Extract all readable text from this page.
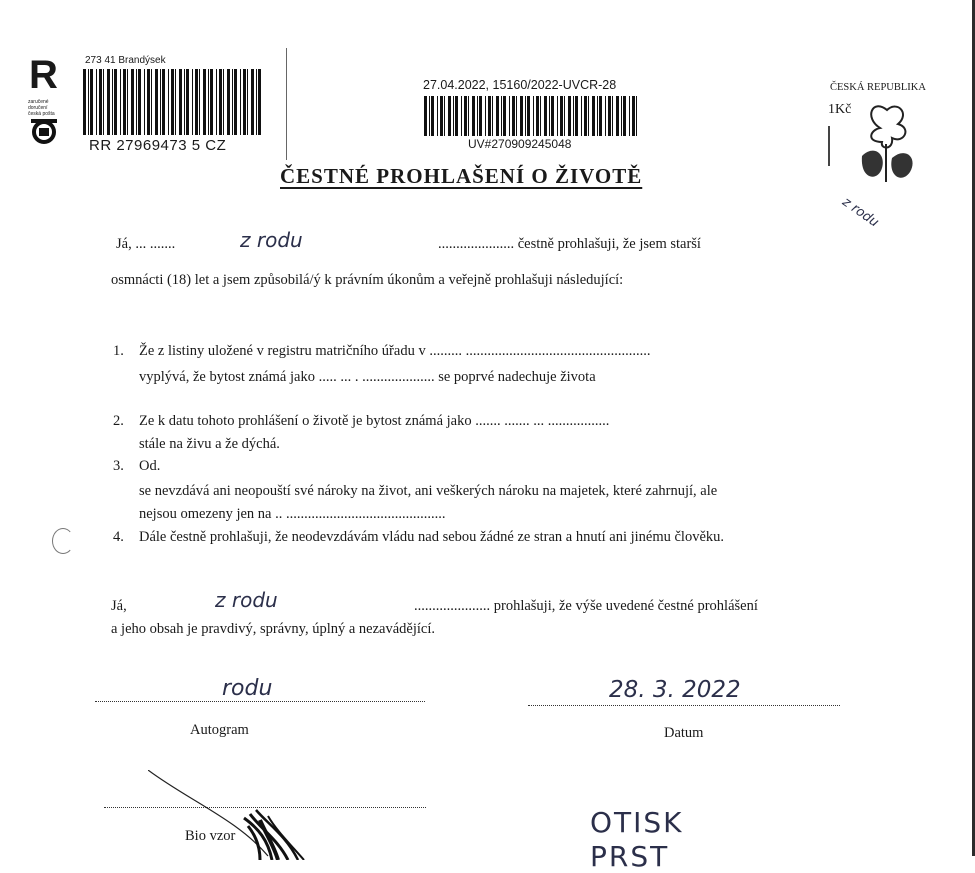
R
zaručené
doručení
česká pošta
273 41 Brandýsek
RR 27969473 5 CZ
27.04.2022, 15160/2022-UVCR-28
UV#270909245048
ČESKÁ REPUBLIKA
1Kč
z rodu
ČESTNÉ PROHLAŠENÍ O ŽIVOTĚ
Já, ... .......	z rodu	..................... čestně prohlašuji, že jsem starší
osmnácti (18) let a jsem způsobilá/ý k právním úkonům a veřejně prohlašuji následující:
1. Že z listiny uložené v registru matričního úřadu v ......... ...................................................
vyplývá, že bytost známá jako ..... ... . .................... se poprvé nadechuje života
2. Ze k datu tohoto prohlášení o životě je bytost známá jako ....... ....... ... .................
stále na živu a že dýchá.
3. Od.
se nevzdává ani neopouští své nároky na život, ani veškerých nároku na majetek, které zahrnují, ale
nejsou omezeny jen na .. ............................................
4. Dále čestně prohlašuji, že neodevzdávám vládu nad sebou žádné ze stran a hnutí ani jinému člověku.
Já,	z rodu	..................... prohlašuji, že výše uvedené čestné prohlášení
a jeho obsah je pravdivý, správny, úplný a nezavádějící.
rodu
Autogram
28. 3. 2022
Datum
Bio vzor	OTISK
PRST
